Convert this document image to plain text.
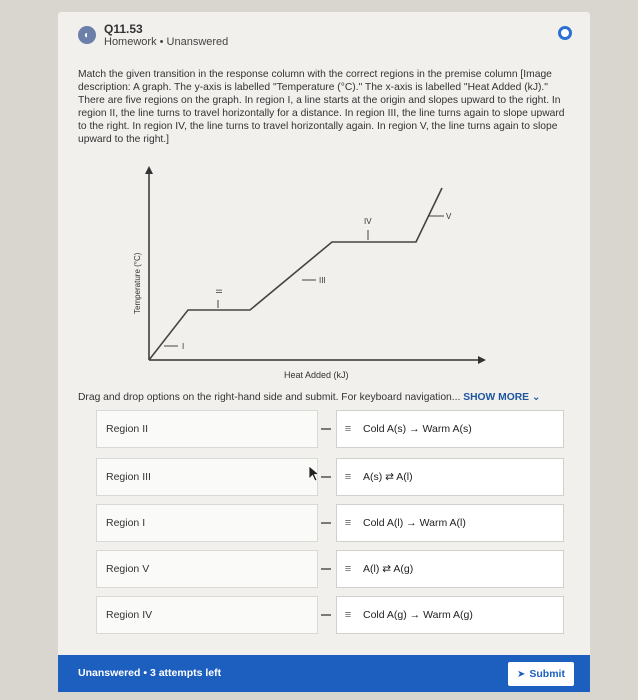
◐	Q11.53
Homework • Unanswered
Match the given transition in the response column with the correct regions in the premise column [Image description: A graph. The y-axis is labelled "Temperature (°C)." The x-axis is labelled "Heat Added (kJ)." There are five regions on the graph. In region I, a line starts at the origin and slopes upward to the right. In region II, the line turns to travel horizontally for a distance. In region III, the line turns again to slope upward to the right. In region IV, the line turns to travel horizontally again. In region V, the line turns again to slope upward to the right.]
Heat Added (kJ)
Temperature (°C)
I
II
III
IV
V
Drag and drop options on the right-hand side and submit. For keyboard navigation... SHOW MORE ⌄
Region II	≡	Cold A(s) → Warm A(s)
Region III	≡	A(s) ⇄ A(l)
Region I	≡	Cold A(l) → Warm A(l)
Region V	≡	A(l) ⇄ A(g)
Region IV	≡	Cold A(g) → Warm A(g)
Unanswered • 3 attempts left	➤ Submit
